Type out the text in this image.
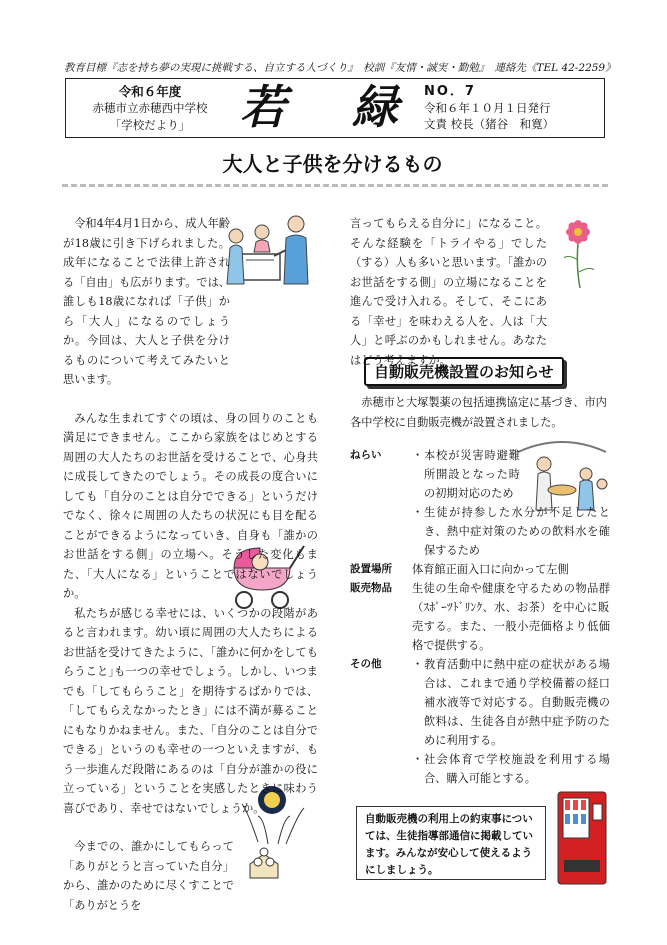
教育目標『志を持ち夢の実現に挑戦する、自立する人づくり』　校訓『友情・誠実・勤勉』　連絡先《TEL 42-2259》
令和６年度
赤穂市立赤穂西中学校
「学校だより」	若　緑 NO．7
令和６年１０月１日発行
文責 校長（猪谷　和寛）
大人と子供を分けるもの

令和4年4月1日から、成人年齢が18歳に引き下げられました。成年になることで法律上許される「自由」も広がります。では、誰しも18歳になれば「子供」から「大人」になるのでしょうか。今回は、大人と子供を分けるものについて考えてみたいと思います。

みんな生まれてすぐの頃は、身の回りのことも満足にできません。ここから家族をはじめとする周囲の大人たちのお世話を受けることで、心身共に成長してきたのでしょう。その成長の度合いにしても「自分のことは自分でできる」というだけでなく、徐々に周囲の人たちの状況にも目を配ることができるようになっていき、自身も「誰かのお世話をする側」の立場へ。そうした変化もまた、「大人になる」ということではないでしょうか。

私たちが感じる幸せには、いくつかの段階があると言われます。幼い頃に周囲の大人たちによるお世話を受けてきたように、｢誰かに何かをしてもらうこと｣も一つの幸せでしょう。しかし、いつまでも「してもらうこと」を期待するばかりでは、「してもらえなかったとき」には不満が募ることにもなりかねません。また、「自分のことは自分でできる」というのも幸せの一つといえますが、もう一歩進んだ段階にあるのは「自分が誰かの役に立っている」ということを実感したときに味わう喜びであり、幸せではないでしょうか。

今までの、誰かにしてもらって「ありがとうと言っていた自分」から、誰かのために尽くすことで「ありがとうを

言ってもらえる自分に」になること。そんな経験を「トライやる」でした（する）人も多いと思います。「誰かのお世話をする側」の立場になることを進んで受け入れる。そして、そこにある「幸せ」を味わえる人を、人は「大人」と呼ぶのかもしれません。あなたはどう考えますか。

自動販売機設置のお知らせ
赤穂市と大塚製薬の包括連携協定に基づき、市内各中学校に自動販売機が設置されました。
ねらい	・ 本校が災害時避難所開設となった時の初期対応のため
・ 生徒が持参した水分が不足したとき、熱中症対策のための飲料水を確保するため
設置場所	体育館正面入口に向かって左側
販売物品	生徒の生命や健康を守るための物品群（ｽﾎﾟｰﾂﾄﾞﾘﾝｸ、水、お茶）を中心に販売する。また、一般小売価格より低価格で提供する。
その他	・ 教育活動中に熱中症の症状がある場合は、これまで通り学校備蓄の経口補水液等で対応する。自動販売機の飲料は、生徒各自が熱中症予防のために利用する。
・ 社会体育で学校施設を利用する場合、購入可能とする。
自動販売機の利用上の約束事については、生徒指導部通信に掲載しています。みんなが安心して使えるようにしましょう。
